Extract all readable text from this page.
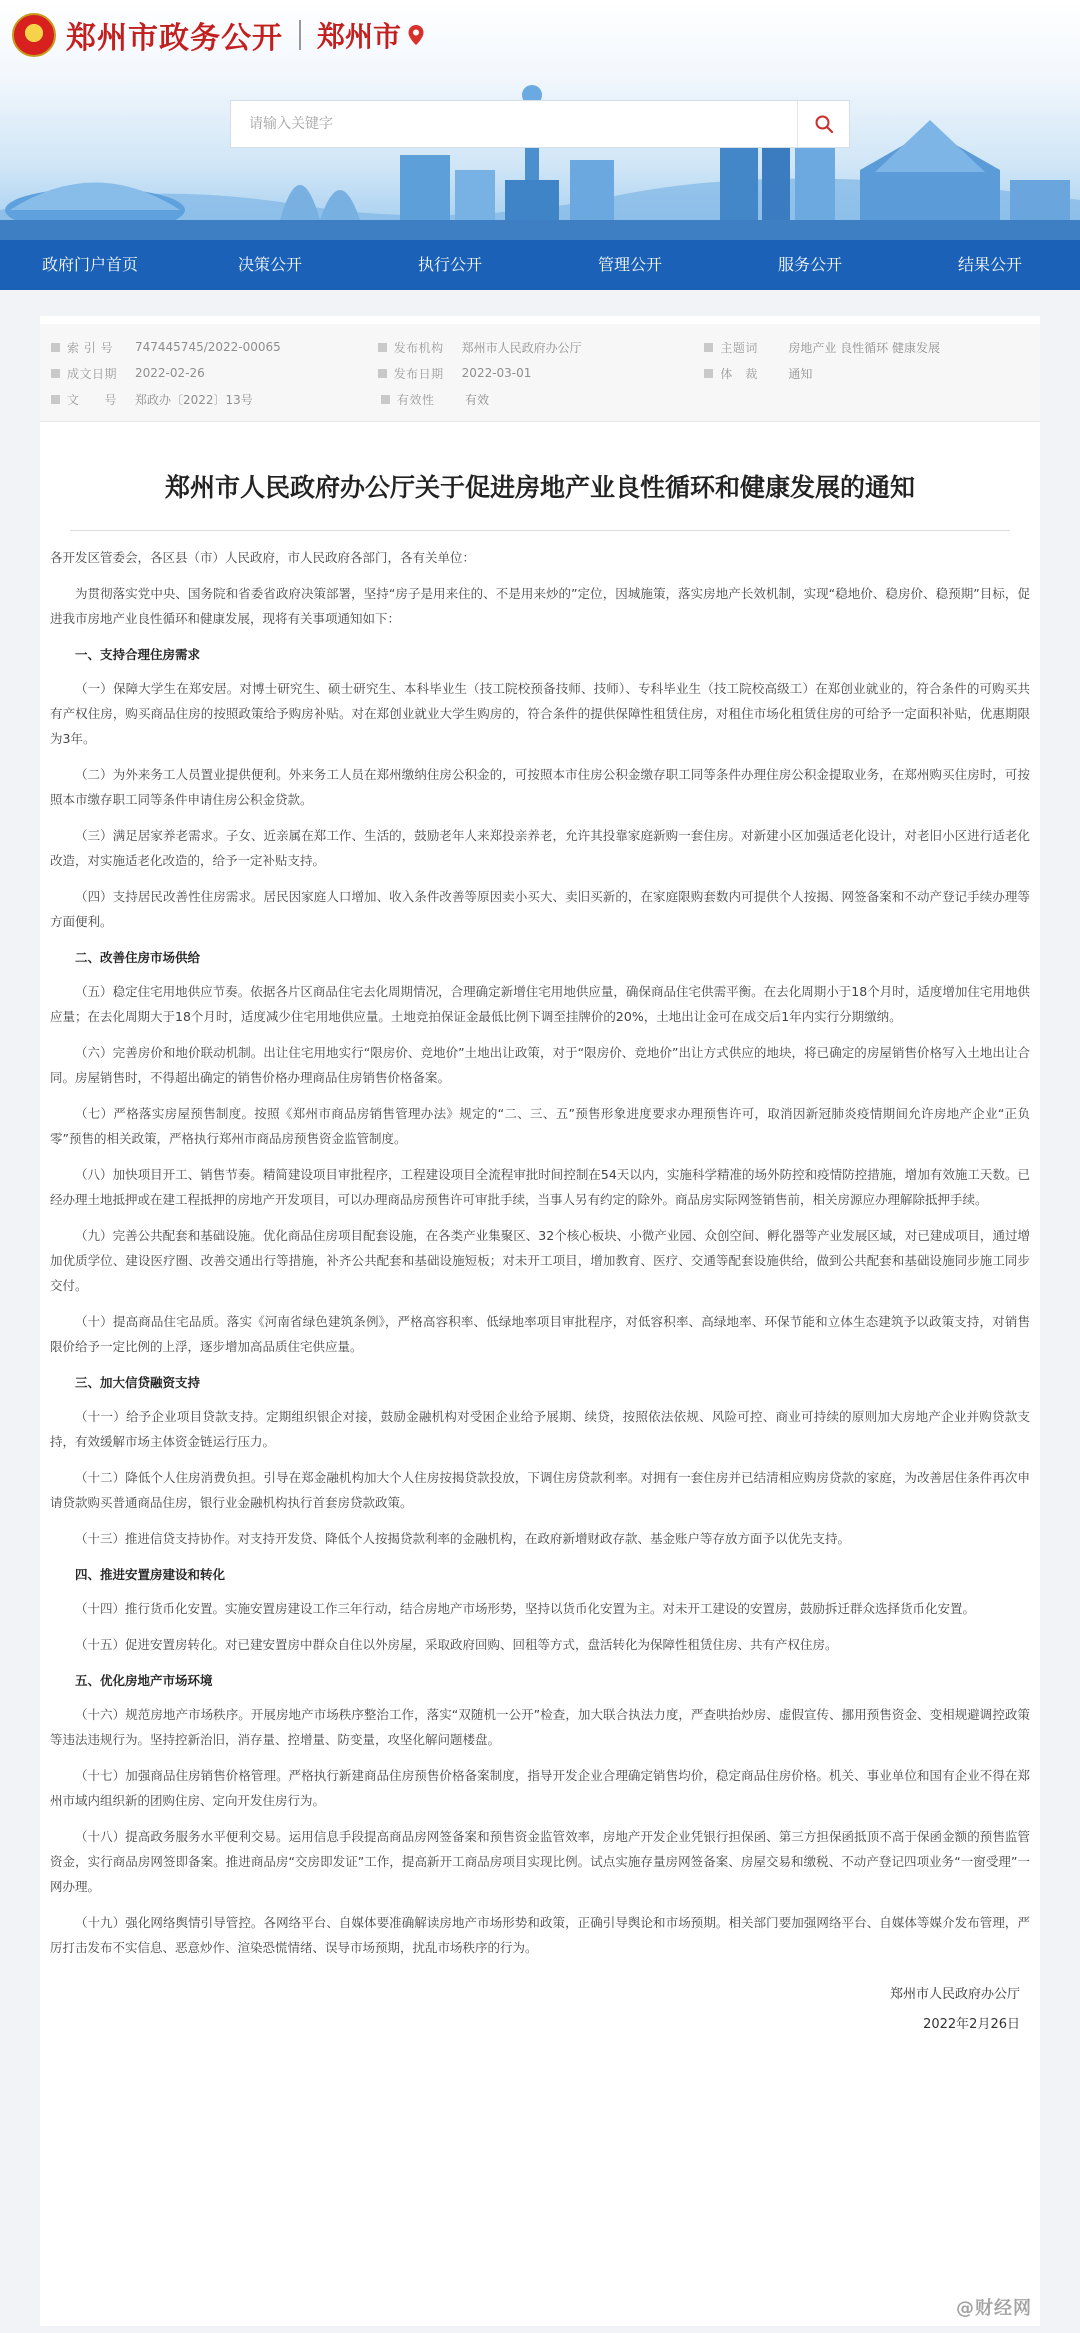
★ 郑州市政务公开 郑州市
请输入关键字
政府门户首页	决策公开	执行公开	管理公开	服务公开	结果公开
索 引 号	747445745/2022-00065	发布机构	郑州市人民政府办公厅	主题词	房地产业 良性循环 健康发展
成文日期	2022-02-26	发布日期	2022-03-01	体　裁	通知
文　　号	郑政办〔2022〕13号	有效性	有效
郑州市人民政府办公厅关于促进房地产业良性循环和健康发展的通知

各开发区管委会，各区县（市）人民政府，市人民政府各部门，各有关单位：

为贯彻落实党中央、国务院和省委省政府决策部署，坚持“房子是用来住的、不是用来炒的”定位，因城施策，落实房地产长效机制，实现“稳地价、稳房价、稳预期”目标，促进我市房地产业良性循环和健康发展，现将有关事项通知如下：

一、支持合理住房需求

（一）保障大学生在郑安居。对博士研究生、硕士研究生、本科毕业生（技工院校预备技师、技师）、专科毕业生（技工院校高级工）在郑创业就业的，符合条件的可购买共有产权住房，购买商品住房的按照政策给予购房补贴。对在郑创业就业大学生购房的，符合条件的提供保障性租赁住房，对租住市场化租赁住房的可给予一定面积补贴，优惠期限为3年。

（二）为外来务工人员置业提供便利。外来务工人员在郑州缴纳住房公积金的，可按照本市住房公积金缴存职工同等条件办理住房公积金提取业务，在郑州购买住房时，可按照本市缴存职工同等条件申请住房公积金贷款。

（三）满足居家养老需求。子女、近亲属在郑工作、生活的，鼓励老年人来郑投亲养老，允许其投靠家庭新购一套住房。对新建小区加强适老化设计，对老旧小区进行适老化改造，对实施适老化改造的，给予一定补贴支持。

（四）支持居民改善性住房需求。居民因家庭人口增加、收入条件改善等原因卖小买大、卖旧买新的，在家庭限购套数内可提供个人按揭、网签备案和不动产登记手续办理等方面便利。

二、改善住房市场供给

（五）稳定住宅用地供应节奏。依据各片区商品住宅去化周期情况，合理确定新增住宅用地供应量，确保商品住宅供需平衡。在去化周期小于18个月时，适度增加住宅用地供应量；在去化周期大于18个月时，适度减少住宅用地供应量。土地竞拍保证金最低比例下调至挂牌价的20%，土地出让金可在成交后1年内实行分期缴纳。

（六）完善房价和地价联动机制。出让住宅用地实行“限房价、竞地价”土地出让政策，对于“限房价、竞地价”出让方式供应的地块，将已确定的房屋销售价格写入土地出让合同。房屋销售时，不得超出确定的销售价格办理商品住房销售价格备案。

（七）严格落实房屋预售制度。按照《郑州市商品房销售管理办法》规定的“二、三、五”预售形象进度要求办理预售许可，取消因新冠肺炎疫情期间允许房地产企业“正负零”预售的相关政策，严格执行郑州市商品房预售资金监管制度。

（八）加快项目开工、销售节奏。精简建设项目审批程序，工程建设项目全流程审批时间控制在54天以内，实施科学精准的场外防控和疫情防控措施，增加有效施工天数。已经办理土地抵押或在建工程抵押的房地产开发项目，可以办理商品房预售许可审批手续，当事人另有约定的除外。商品房实际网签销售前，相关房源应办理解除抵押手续。

（九）完善公共配套和基础设施。优化商品住房项目配套设施，在各类产业集聚区、32个核心板块、小微产业园、众创空间、孵化器等产业发展区域，对已建成项目，通过增加优质学位、建设医疗圈、改善交通出行等措施，补齐公共配套和基础设施短板；对未开工项目，增加教育、医疗、交通等配套设施供给，做到公共配套和基础设施同步施工同步交付。

（十）提高商品住宅品质。落实《河南省绿色建筑条例》，严格高容积率、低绿地率项目审批程序，对低容积率、高绿地率、环保节能和立体生态建筑予以政策支持，对销售限价给予一定比例的上浮，逐步增加高品质住宅供应量。

三、加大信贷融资支持

（十一）给予企业项目贷款支持。定期组织银企对接，鼓励金融机构对受困企业给予展期、续贷，按照依法依规、风险可控、商业可持续的原则加大房地产企业并购贷款支持，有效缓解市场主体资金链运行压力。

（十二）降低个人住房消费负担。引导在郑金融机构加大个人住房按揭贷款投放，下调住房贷款利率。对拥有一套住房并已结清相应购房贷款的家庭，为改善居住条件再次申请贷款购买普通商品住房，银行业金融机构执行首套房贷款政策。

（十三）推进信贷支持协作。对支持开发贷、降低个人按揭贷款利率的金融机构，在政府新增财政存款、基金账户等存放方面予以优先支持。

四、推进安置房建设和转化

（十四）推行货币化安置。实施安置房建设工作三年行动，结合房地产市场形势，坚持以货币化安置为主。对未开工建设的安置房，鼓励拆迁群众选择货币化安置。

（十五）促进安置房转化。对已建安置房中群众自住以外房屋，采取政府回购、回租等方式，盘活转化为保障性租赁住房、共有产权住房。

五、优化房地产市场环境

（十六）规范房地产市场秩序。开展房地产市场秩序整治工作，落实“双随机一公开”检查，加大联合执法力度，严查哄抬炒房、虚假宣传、挪用预售资金、变相规避调控政策等违法违规行为。坚持控新治旧，消存量、控增量、防变量，攻坚化解问题楼盘。

（十七）加强商品住房销售价格管理。严格执行新建商品住房预售价格备案制度，指导开发企业合理确定销售均价，稳定商品住房价格。机关、事业单位和国有企业不得在郑州市域内组织新的团购住房、定向开发住房行为。

（十八）提高政务服务水平便利交易。运用信息手段提高商品房网签备案和预售资金监管效率，房地产开发企业凭银行担保函、第三方担保函抵顶不高于保函金额的预售监管资金，实行商品房网签即备案。推进商品房“交房即发证”工作，提高新开工商品房项目实现比例。试点实施存量房网签备案、房屋交易和缴税、不动产登记四项业务“一窗受理”一网办理。

（十九）强化网络舆情引导管控。各网络平台、自媒体要准确解读房地产市场形势和政策，正确引导舆论和市场预期。相关部门要加强网络平台、自媒体等媒介发布管理，严厉打击发布不实信息、恶意炒作、渲染恐慌情绪、误导市场预期，扰乱市场秩序的行为。

郑州市人民政府办公厅
2022年2月26日
@财经网
